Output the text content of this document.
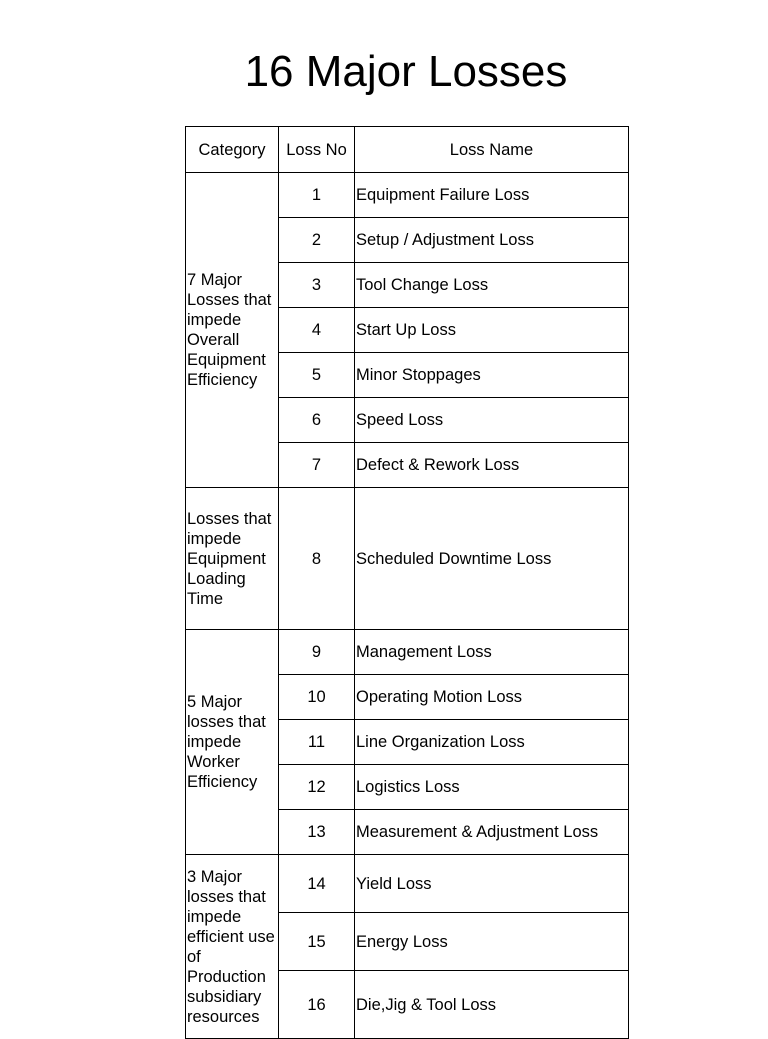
16 Major Losses
Category	Loss No	Loss Name

7 Major Losses that impede Overall Equipment Efficiency	1	Equipment Failure Loss
	2	Setup / Adjustment Loss
	3	Tool Change Loss
	4	Start Up Loss
	5	Minor Stoppages
	6	Speed Loss
	7	Defect & Rework Loss

Losses that impede Equipment Loading Time	8	Scheduled Downtime Loss

5 Major losses that impede Worker Efficiency	9	Management Loss
	10	Operating Motion Loss
	11	Line Organization Loss
	12	Logistics Loss
	13	Measurement & Adjustment Loss

3 Major losses that impede efficient use of Production subsidiary resources	14	Yield Loss
	15	Energy Loss
	16	Die,Jig & Tool Loss
